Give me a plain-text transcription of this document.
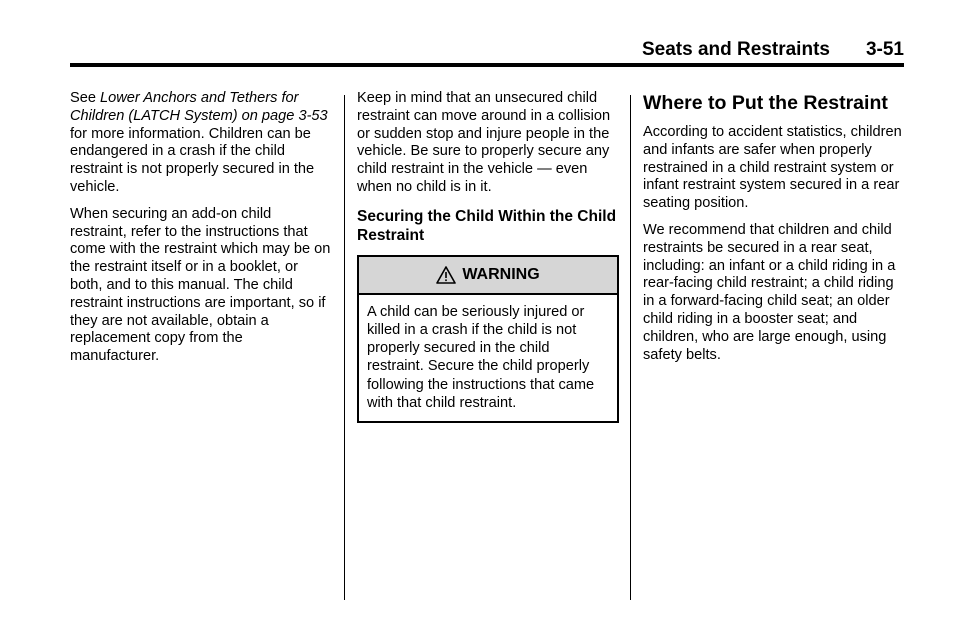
Seats and Restraints 3-51

See Lower Anchors and Tethers for Children (LATCH System) on page 3-53 for more information. Children can be endangered in a crash if the child restraint is not properly secured in the vehicle.

When securing an add-on child restraint, refer to the instructions that come with the restraint which may be on the restraint itself or in a booklet, or both, and to this manual. The child restraint instructions are important, so if they are not available, obtain a replacement copy from the manufacturer.

Keep in mind that an unsecured child restraint can move around in a collision or sudden stop and injure people in the vehicle. Be sure to properly secure any child restraint in the vehicle — even when no child is in it.

Securing the Child Within the Child Restraint
WARNING
A child can be seriously injured or killed in a crash if the child is not properly secured in the child restraint. Secure the child properly following the instructions that came with that child restraint.
Where to Put the Restraint

According to accident statistics, children and infants are safer when properly restrained in a child restraint system or infant restraint system secured in a rear seating position.

We recommend that children and child restraints be secured in a rear seat, including: an infant or a child riding in a rear-facing child restraint; a child riding in a forward-facing child seat; an older child riding in a booster seat; and children, who are large enough, using safety belts.
